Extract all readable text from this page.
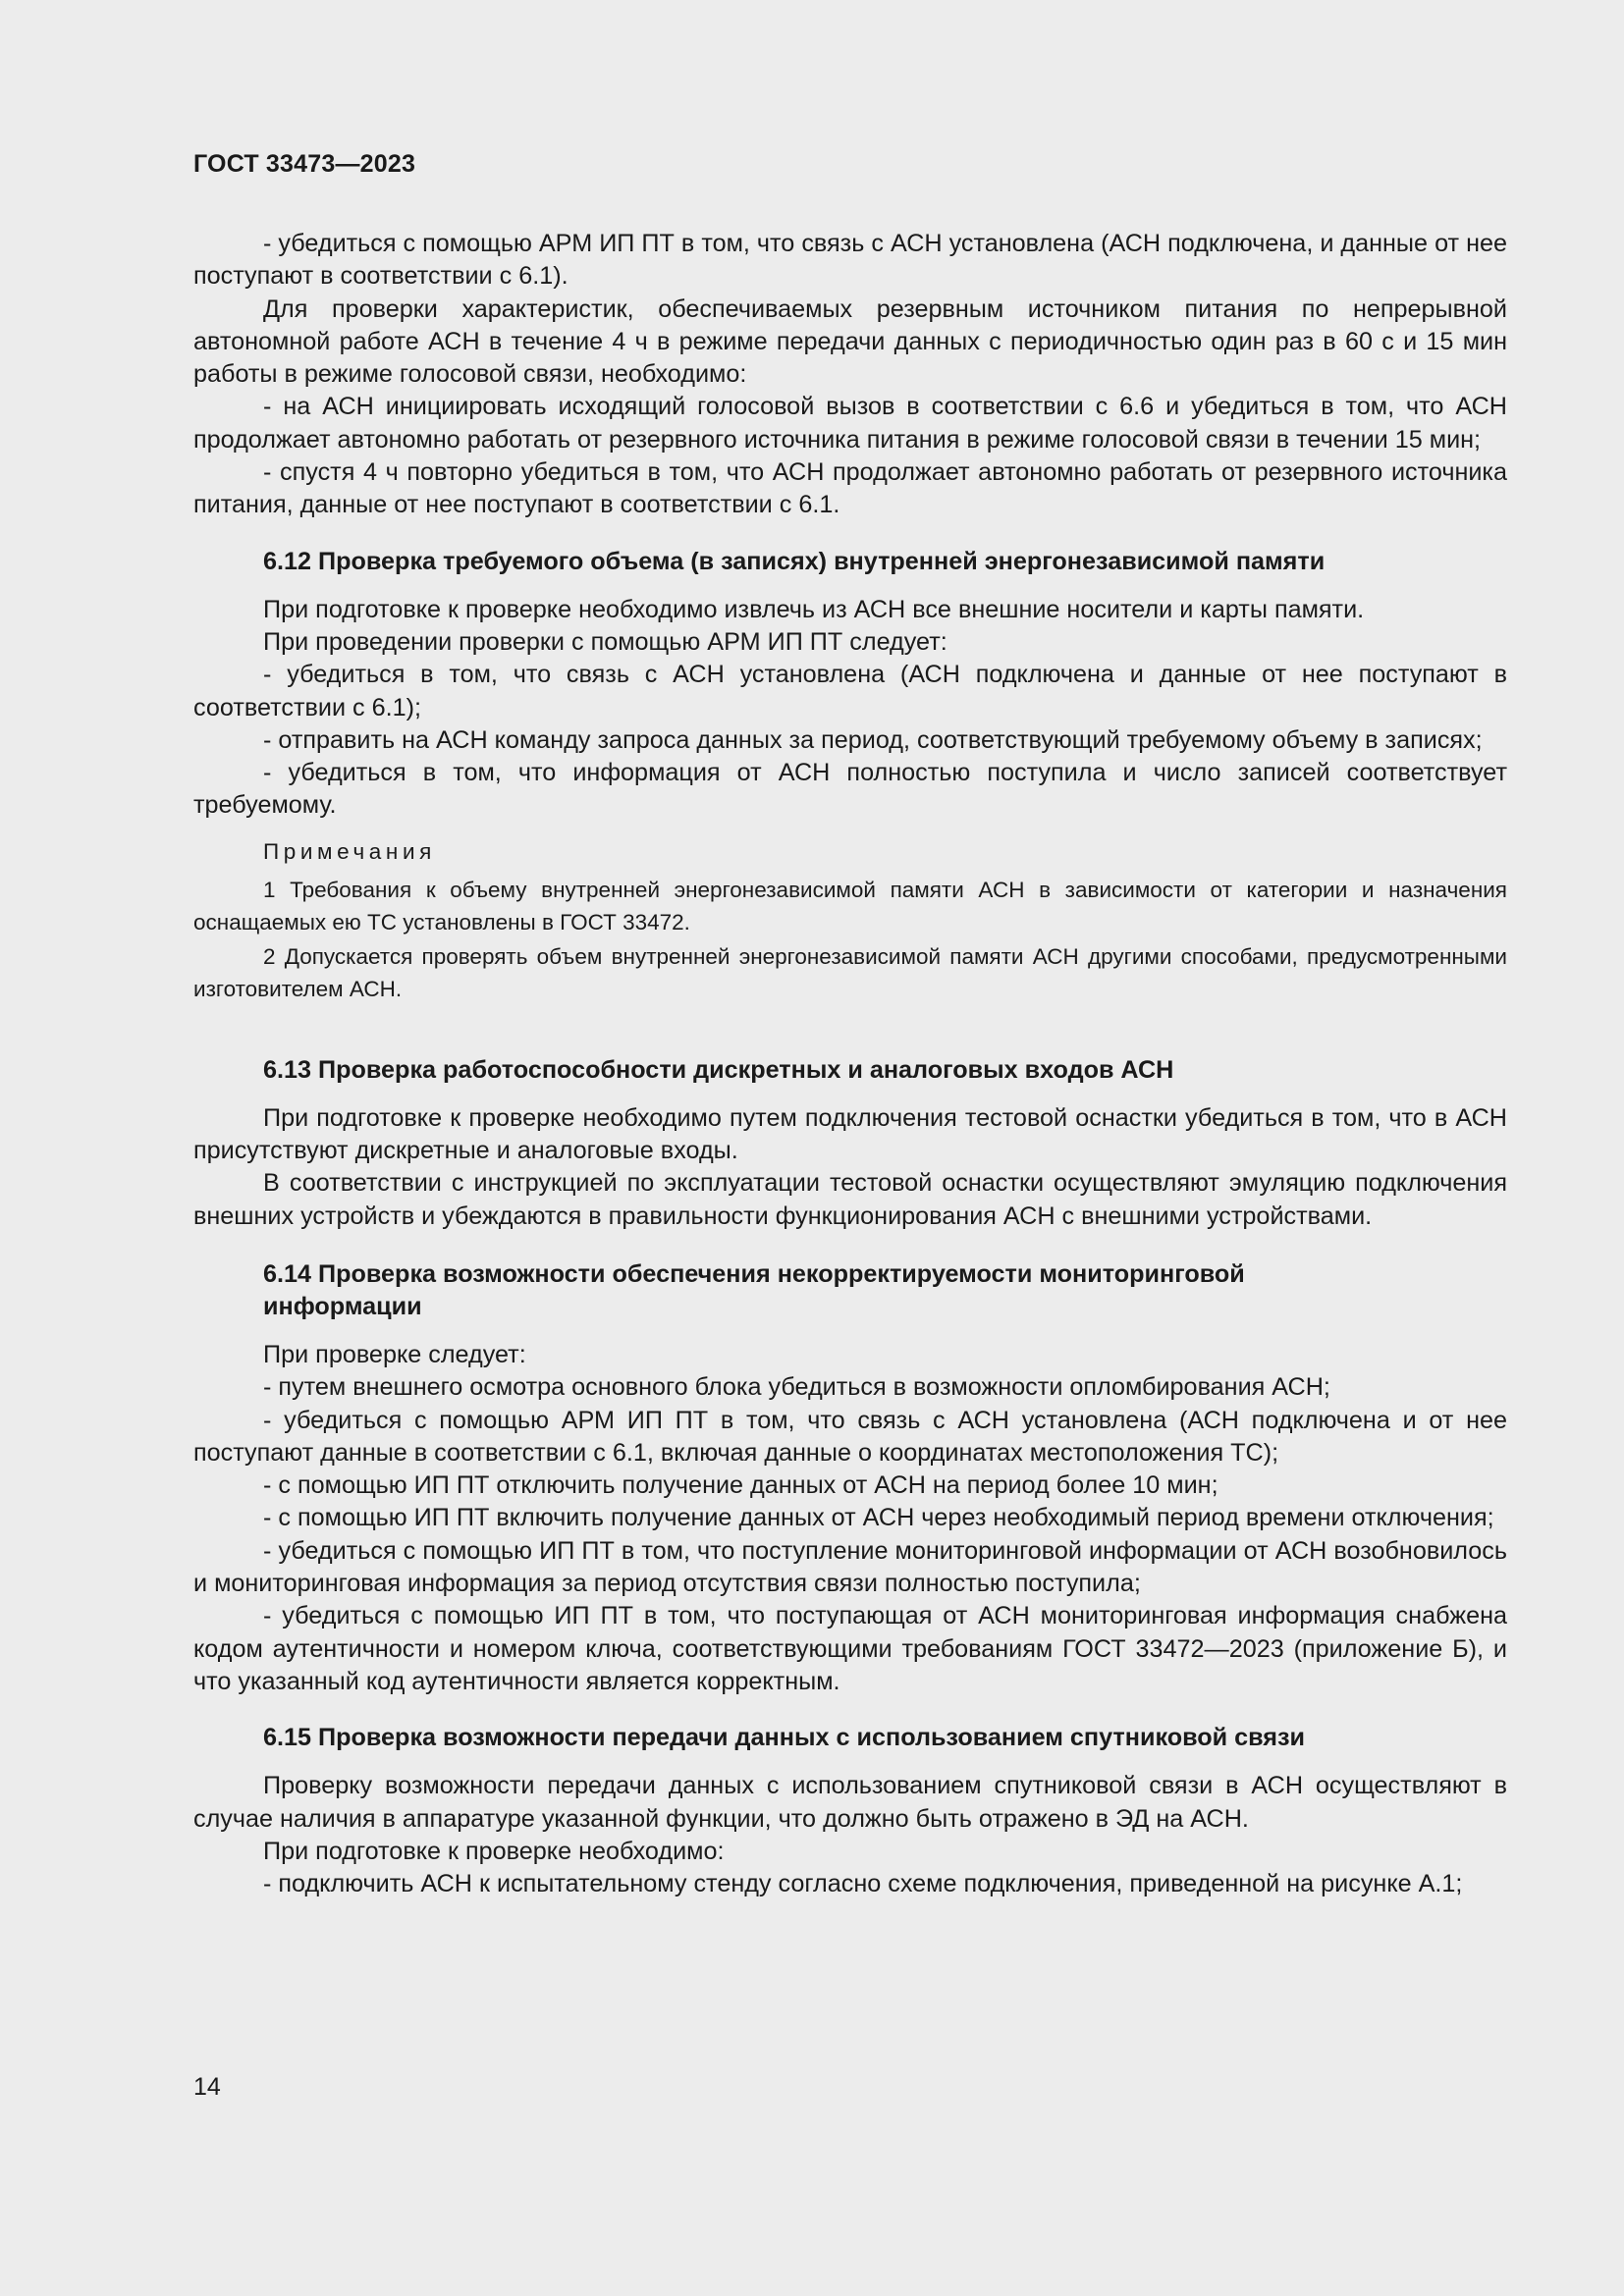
ГОСТ 33473—2023

- убедиться с помощью АРМ ИП ПТ в том, что связь с АСН установлена (АСН подключена, и данные от нее поступают в соответствии с 6.1).

Для проверки характеристик, обеспечиваемых резервным источником питания по непрерывной автономной работе АСН в течение 4 ч в режиме передачи данных с периодичностью один раз в 60 с и 15 мин работы в режиме голосовой связи, необходимо:

- на АСН инициировать исходящий голосовой вызов в соответствии с 6.6 и убедиться в том, что АСН продолжает автономно работать от резервного источника питания в режиме голосовой связи в течении 15 мин;

- спустя 4 ч повторно убедиться в том, что АСН продолжает автономно работать от резервного источника питания, данные от нее поступают в соответствии с 6.1.

6.12 Проверка требуемого объема (в записях) внутренней энергонезависимой памяти

При подготовке к проверке необходимо извлечь из АСН все внешние носители и карты памяти.

При проведении проверки с помощью АРМ ИП ПТ следует:

- убедиться в том, что связь с АСН установлена (АСН подключена и данные от нее поступают в соответствии с 6.1);

- отправить на АСН команду запроса данных за период, соответствующий требуемому объему в записях;

- убедиться в том, что информация от АСН полностью поступила и число записей соответствует требуемому.

Примечания
1 Требования к объему внутренней энергонезависимой памяти АСН в зависимости от категории и назначения оснащаемых ею ТС установлены в ГОСТ 33472.
2 Допускается проверять объем внутренней энергонезависимой памяти АСН другими способами, предусмотренными изготовителем АСН.
6.13 Проверка работоспособности дискретных и аналоговых входов АСН

При подготовке к проверке необходимо путем подключения тестовой оснастки убедиться в том, что в АСН присутствуют дискретные и аналоговые входы.

В соответствии с инструкцией по эксплуатации тестовой оснастки осуществляют эмуляцию подключения внешних устройств и убеждаются в правильности функционирования АСН с внешними устройствами.

6.14 Проверка возможности обеспечения некорректируемости мониторинговой информации

При проверке следует:

- путем внешнего осмотра основного блока убедиться в возможности опломбирования АСН;

- убедиться с помощью АРМ ИП ПТ в том, что связь с АСН установлена (АСН подключена и от нее поступают данные в соответствии с 6.1, включая данные о координатах местоположения ТС);

- с помощью ИП ПТ отключить получение данных от АСН на период более 10 мин;

- с помощью ИП ПТ включить получение данных от АСН через необходимый период времени отключения;

- убедиться с помощью ИП ПТ в том, что поступление мониторинговой информации от АСН возобновилось и мониторинговая информация за период отсутствия связи полностью поступила;

- убедиться с помощью ИП ПТ в том, что поступающая от АСН мониторинговая информация снабжена кодом аутентичности и номером ключа, соответствующими требованиям ГОСТ 33472—2023 (приложение Б), и что указанный код аутентичности является корректным.

6.15 Проверка возможности передачи данных с использованием спутниковой связи

Проверку возможности передачи данных с использованием спутниковой связи в АСН осуществляют в случае наличия в аппаратуре указанной функции, что должно быть отражено в ЭД на АСН.

При подготовке к проверке необходимо:

- подключить АСН к испытательному стенду согласно схеме подключения, приведенной на рисунке А.1;

14
